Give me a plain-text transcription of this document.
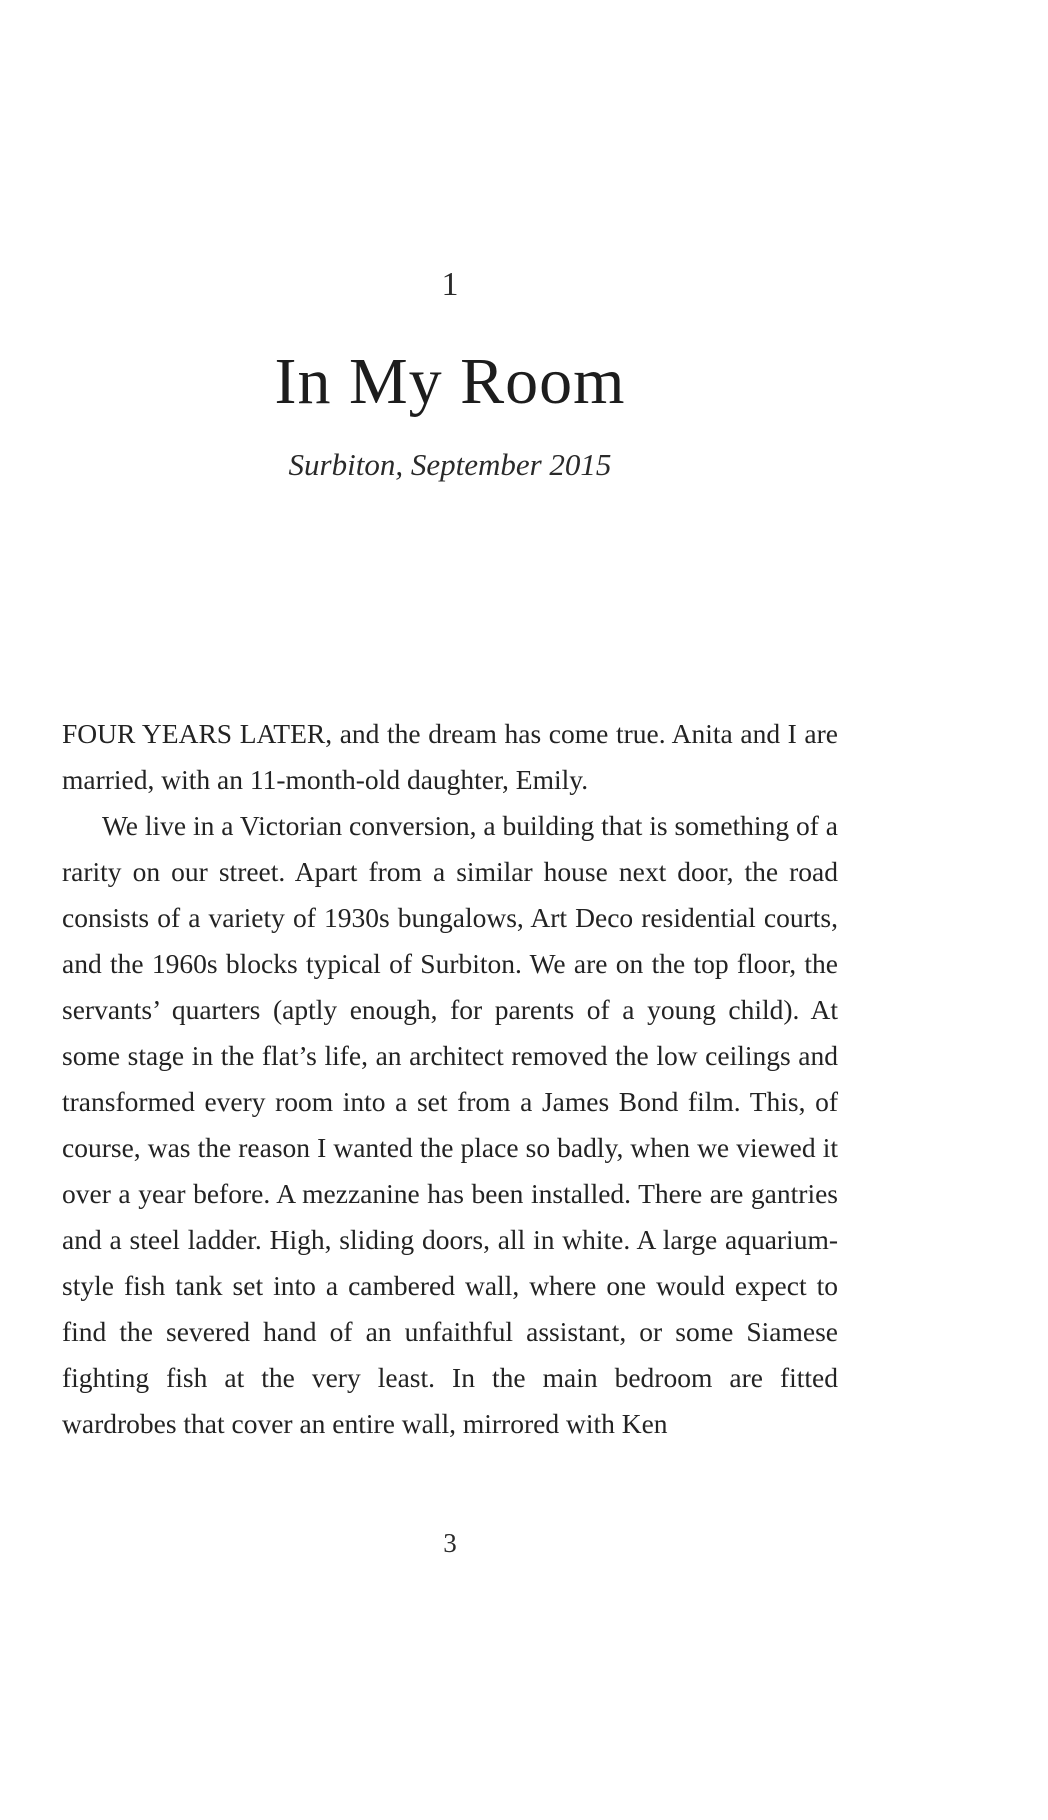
1
In My Room
Surbiton, September 2015

FOUR YEARS LATER, and the dream has come true. Anita and I are married, with an 11-month-old daughter, Emily.

We live in a Victorian conversion, a building that is something of a rarity on our street. Apart from a similar house next door, the road consists of a variety of 1930s bungalows, Art Deco residential courts, and the 1960s blocks typical of Surbiton. We are on the top floor, the servants’ quarters (aptly enough, for parents of a young child). At some stage in the flat’s life, an architect removed the low ceilings and transformed every room into a set from a James Bond film. This, of course, was the reason I wanted the place so badly, when we viewed it over a year before. A mezzanine has been installed. There are gantries and a steel ladder. High, sliding doors, all in white. A large aquarium-style fish tank set into a cambered wall, where one would expect to find the severed hand of an unfaithful assistant, or some Siamese fighting fish at the very least. In the main bedroom are fitted wardrobes that cover an entire wall, mirrored with Ken

3
